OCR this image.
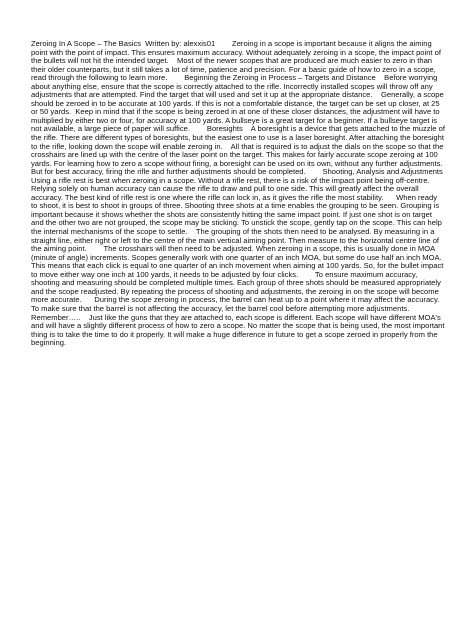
Zeroing In A Scope – The Basics  Written by: alexxis01        Zeroing in a scope is important because it aligns the aiming point with the point of impact. This ensures maximum accuracy. Without adequately zeroing in a scope, the impact point of the bullets will not hit the intended target.    Most of the newer scopes that are produced are much easier to zero in than their older counterparts, but it still takes a lot of time, patience and precision. For a basic guide of how to zero in a scope, read through the following to learn more.        Beginning the Zeroing in Process – Targets and Distance    Before worrying about anything else, ensure that the scope is correctly attached to the rifle. Incorrectly installed scopes will throw off any adjustments that are attempted. Find the target that will used and set it up at the appropriate distance.    Generally, a scope should be zeroed in to be accurate at 100 yards. If this is not a comfortable distance, the target can be set up closer, at 25 or 50 yards.  Keep in mind that if the scope is being zeroed in at one of these closer distances, the adjustment will have to multiplied by either two or four, for accuracy at 100 yards. A bullseye is a great target for a beginner. If a bullseye target is not available, a large piece of paper will suffice.        Boresights    A boresight is a device that gets attached to the muzzle of the rifle. There are different types of boresights, but the easiest one to use is a laser boresight. After attaching the boresight to the rifle, looking down the scope will enable zeroing in.    All that is required is to adjust the dials on the scope so that the crosshairs are lined up with the centre of the laser point on the target. This makes for fairly accurate scope zeroing at 100 yards. For learning how to zero a scope without firing, a boresight can be used on its own, without any further adjustments. But for best accuracy, firing the rifle and further adjustments should be completed.        Shooting, Analysis and Adjustments    Using a rifle rest is best when zeroing in a scope. Without a rifle rest, there is a risk of the impact point being off-centre. Relying solely on human accuracy can cause the rifle to draw and pull to one side. This will greatly affect the overall accuracy. The best kind of rifle rest is one where the rifle can lock in, as it gives the rifle the most stability.      When ready to shoot, it is best to shoot in groups of three. Shooting three shots at a time enables the grouping to be seen. Grouping is important because it shows whether the shots are consistently hitting the same impact point. If just one shot is on target and the other two are not grouped, the scope may be sticking. To unstick the scope, gently tap on the scope. This can help the internal mechanisms of the scope to settle.    The grouping of the shots then need to be analysed. By measuring in a straight line, either right or left to the centre of the main vertical aiming point. Then measure to the horizontal centre line of the aiming point.        The crosshairs will then need to be adjusted. When zeroing in a scope, this is usually done in MOA (minute of angle) increments. Scopes generally work with one quarter of an inch MOA, but some do use half an inch MOA. This means that each click is equal to one quarter of an inch movement when aiming at 100 yards. So, for the bullet impact to move either way one inch at 100 yards, it needs to be adjusted by four clicks.        To ensure maximum accuracy, shooting and measuring should be completed multiple times. Each group of three shots should be measured appropriately and the scope readjusted. By repeating the process of shooting and adjustments, the zeroing in on the scope will become more accurate.      During the scope zeroing in process, the barrel can heat up to a point where it may affect the accuracy. To make sure that the barrel is not affecting the accuracy, let the barrel cool before attempting more adjustments.          Remember…..    Just like the guns that they are attached to, each scope is different. Each scope will have different MOA's and will have a slightly different process of how to zero a scope. No matter the scope that is being used, the most important thing is to take the time to do it properly. It will make a huge difference in future to get a scope zeroed in properly from the beginning.
